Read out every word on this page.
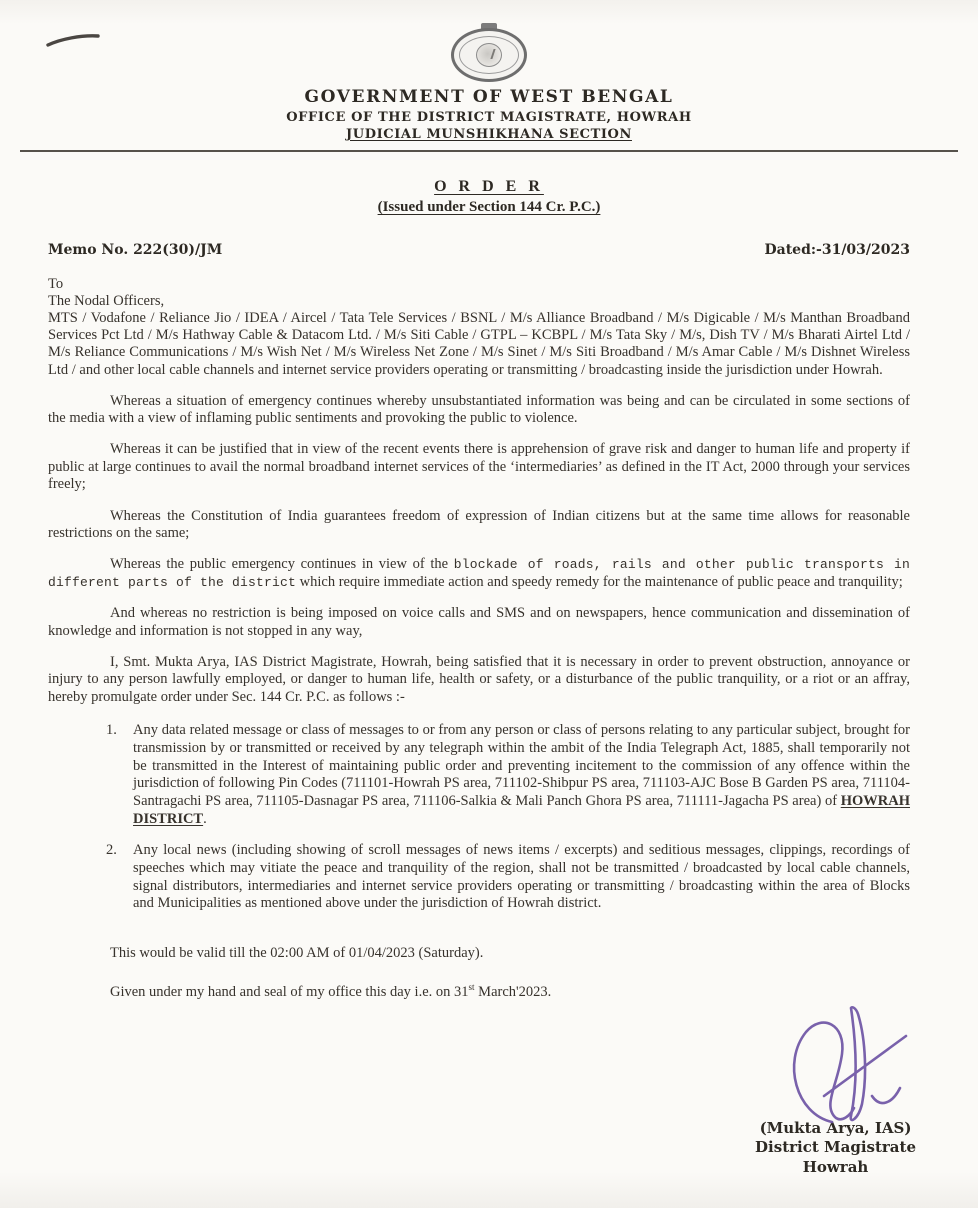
GOVERNMENT OF WEST BENGAL
OFFICE OF THE DISTRICT MAGISTRATE, HOWRAH
JUDICIAL MUNSHIKHANA SECTION
O R D E R
(Issued under Section 144 Cr. P.C.)
Memo No. 222(30)/JM	Dated:-31/03/2023
To
The Nodal Officers,
MTS / Vodafone / Reliance Jio / IDEA / Aircel / Tata Tele Services / BSNL / M/s Alliance Broadband / M/s Digicable / M/s Manthan Broadband Services Pct Ltd / M/s Hathway Cable & Datacom Ltd. / M/s Siti Cable / GTPL – KCBPL / M/s Tata Sky / M/s, Dish TV / M/s Bharati Airtel Ltd / M/s Reliance Communications / M/s Wish Net / M/s Wireless Net Zone / M/s Sinet / M/s Siti Broadband / M/s Amar Cable / M/s Dishnet Wireless Ltd / and other local cable channels and internet service providers operating or transmitting / broadcasting inside the jurisdiction under Howrah.

Whereas a situation of emergency continues whereby unsubstantiated information was being and can be circulated in some sections of the media with a view of inflaming public sentiments and provoking the public to violence.

Whereas it can be justified that in view of the recent events there is apprehension of grave risk and danger to human life and property if public at large continues to avail the normal broadband internet services of the ‘intermediaries’ as defined in the IT Act, 2000 through your services freely;

Whereas the Constitution of India guarantees freedom of expression of Indian citizens but at the same time allows for reasonable restrictions on the same;

Whereas the public emergency continues in view of the blockade of roads, rails and other public transports in different parts of the district which require immediate action and speedy remedy for the maintenance of public peace and tranquility;

And whereas no restriction is being imposed on voice calls and SMS and on newspapers, hence communication and dissemination of knowledge and information is not stopped in any way,

I, Smt. Mukta Arya, IAS District Magistrate, Howrah, being satisfied that it is necessary in order to prevent obstruction, annoyance or injury to any person lawfully employed, or danger to human life, health or safety, or a disturbance of the public tranquility, or a riot or an affray, hereby promulgate order under Sec. 144 Cr. P.C. as follows :-

1.	Any data related message or class of messages to or from any person or class of persons relating to any particular subject, brought for transmission by or transmitted or received by any telegraph within the ambit of the India Telegraph Act, 1885, shall temporarily not be transmitted in the Interest of maintaining public order and preventing incitement to the commission of any offence within the jurisdiction of following Pin Codes (711101-Howrah PS area, 711102-Shibpur PS area, 711103-AJC Bose B Garden PS area, 711104-Santragachi PS area, 711105-Dasnagar PS area, 711106-Salkia & Mali Panch Ghora PS area, 711111-Jagacha PS area) of HOWRAH DISTRICT.
2.	Any local news (including showing of scroll messages of news items / excerpts) and seditious messages, clippings, recordings of speeches which may vitiate the peace and tranquility of the region, shall not be transmitted / broadcasted by local cable channels, signal distributors, intermediaries and internet service providers operating or transmitting / broadcasting within the area of Blocks and Municipalities as mentioned above under the jurisdiction of Howrah district.

This would be valid till the 02:00 AM of 01/04/2023 (Saturday).

Given under my hand and seal of my office this day i.e. on 31st March'2023.

(Mukta Arya, IAS)
District Magistrate
Howrah
